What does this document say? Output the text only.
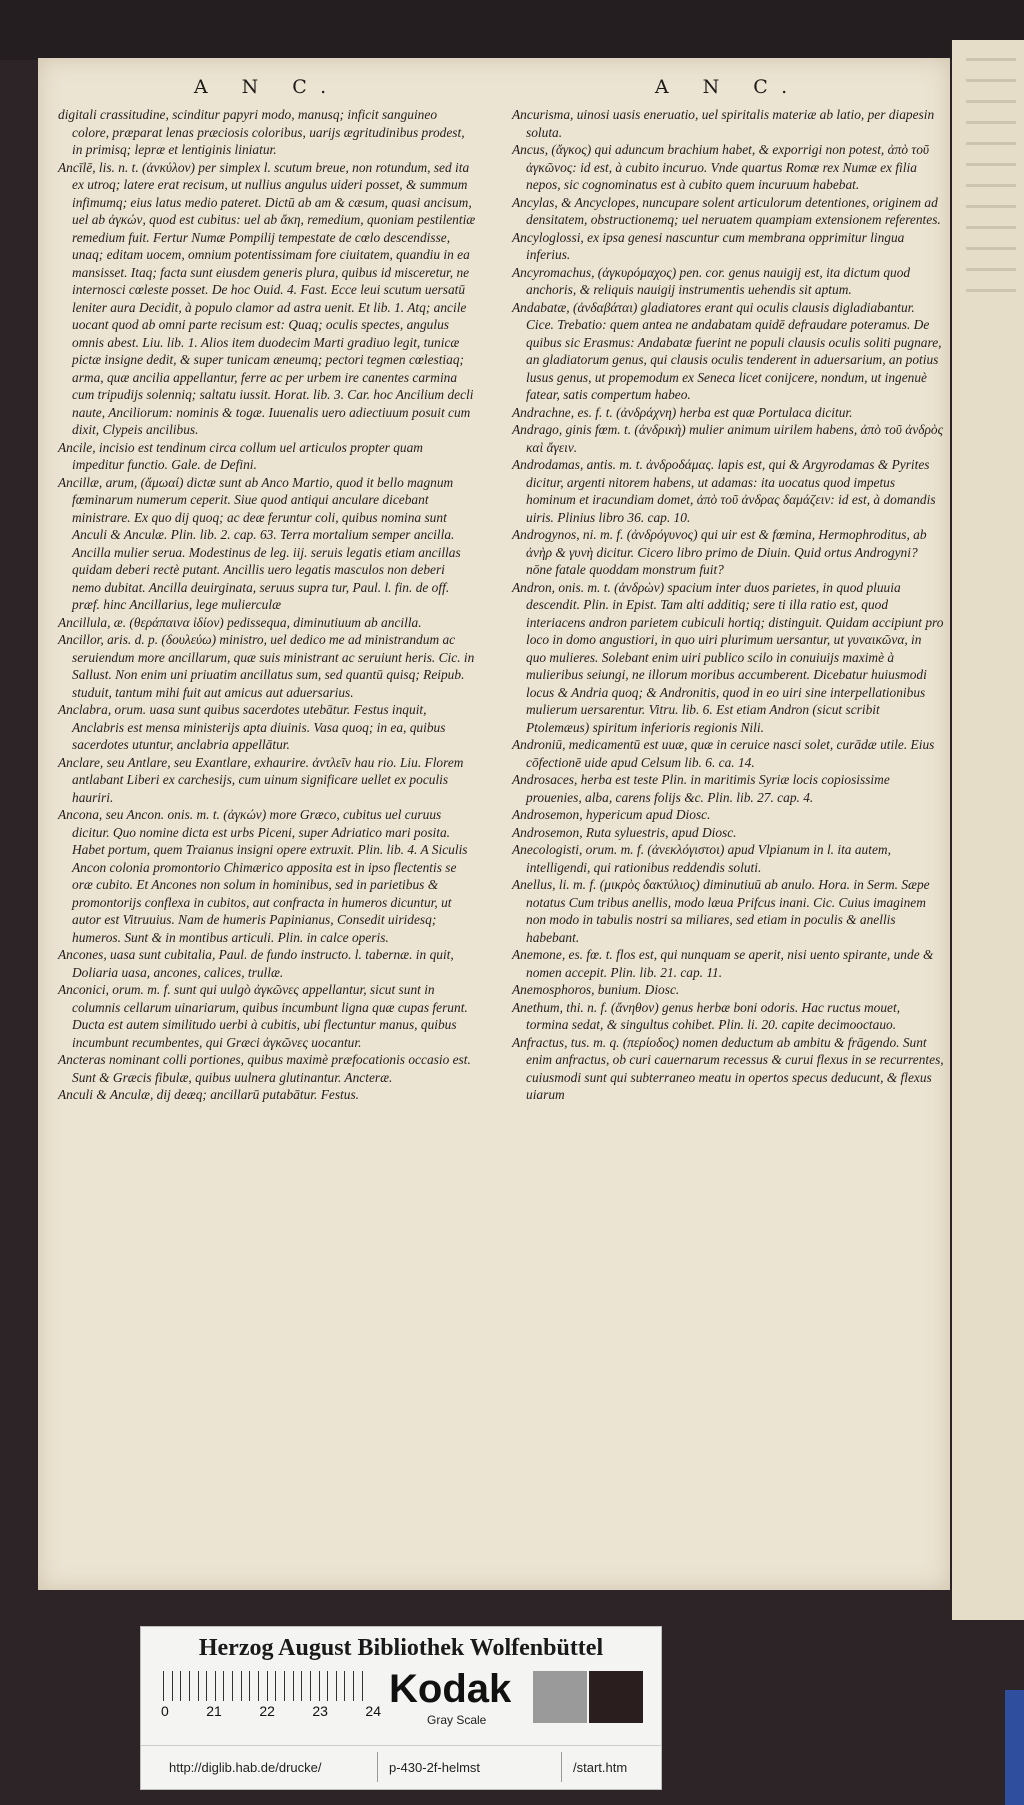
A N C.

digitali crassitudine, scinditur papyri modo, manusq; inficit sanguineo colore, præparat lenas præciosis coloribus, uarijs ægritudinibus prodest, in primisq; lepræ et lentiginis liniatur.

Ancīlē, lis. n. t. (ἀνκύλον) per simplex l. scutum breue, non rotundum, sed ita ex utroq; latere erat recisum, ut nullius angulus uideri posset, & summum infimumq; eius latus medio pateret. Dictū ab am & cæsum, quasi ancisum, uel ab ἀγκών, quod est cubitus: uel ab ἄκη, remedium, quoniam pestilentiæ remedium fuit. Fertur Numæ Pompilij tempestate de cœlo descendisse, unaq; editam uocem, omnium potentissimam fore ciuitatem, quandiu in ea mansisset. Itaq; facta sunt eiusdem generis plura, quibus id misceretur, ne internosci cœleste posset. De hoc Ouid. 4. Fast. Ecce leui scutum uersatū leniter aura Decidit, à populo clamor ad astra uenit. Et lib. 1. Atq; ancile uocant quod ab omni parte recisum est: Quaq; oculis spectes, angulus omnis abest. Liu. lib. 1. Alios item duodecim Marti gradiuo legit, tunicæ pictæ insigne dedit, & super tunicam æneumq; pectori tegmen cœlestiaq; arma, quæ ancilia appellantur, ferre ac per urbem ire canentes carmina cum tripudijs solenniq; saltatu iussit. Horat. lib. 3. Car. hoc Ancilium decli naute, Anciliorum: nominis & togæ. Iuuenalis uero adiectiuum posuit cum dixit, Clypeis ancilibus.

Ancile, incisio est tendinum circa collum uel articulos propter quam impeditur functio. Gale. de Defini.

Ancillæ, arum, (ἄμωαί) dictæ sunt ab Anco Martio, quod it bello magnum fœminarum numerum ceperit. Siue quod antiqui anculare dicebant ministrare. Ex quo dij quoq; ac deæ feruntur coli, quibus nomina sunt Anculi & Anculæ. Plin. lib. 2. cap. 63. Terra mortalium semper ancilla. Ancilla mulier serua. Modestinus de leg. iij. seruis legatis etiam ancillas quidam deberi rectè putant. Ancillis uero legatis masculos non deberi nemo dubitat. Ancilla deuirginata, seruus supra tur, Paul. l. fin. de off. præf. hinc Ancillarius, lege mulierculæ

Ancillula, æ. (θεράπαινα ἰδίον) pedissequa, diminutiuum ab ancilla.

Ancillor, aris. d. p. (δουλεύω) ministro, uel dedico me ad ministrandum ac seruiendum more ancillarum, quæ suis ministrant ac seruiunt heris. Cic. in Sallust. Non enim uni priuatim ancillatus sum, sed quantū quisq; Reipub. studuit, tantum mihi fuit aut amicus aut aduersarius.

Anclabra, orum. uasa sunt quibus sacerdotes utebātur. Festus inquit, Anclabris est mensa ministerijs apta diuinis. Vasa quoq; in ea, quibus sacerdotes utuntur, anclabria appellātur.

Anclare, seu Antlare, seu Exantlare, exhaurire. ἀντλεῖν hau rio. Liu. Florem antlabant Liberi ex carchesijs, cum uinum significare uellet ex poculis hauriri.

Ancona, seu Ancon. onis. m. t. (ἀγκών) more Græco, cubitus uel curuus dicitur. Quo nomine dicta est urbs Piceni, super Adriatico mari posita. Habet portum, quem Traianus insigni opere extruxit. Plin. lib. 4. A Siculis Ancon colonia promontorio Chimærico apposita est in ipso flectentis se oræ cubito. Et Ancones non solum in hominibus, sed in parietibus & promontorijs conflexa in cubitos, aut confracta in humeros dicuntur, ut autor est Vitruuius. Nam de humeris Papinianus, Consedit uiridesq; humeros. Sunt & in montibus articuli. Plin. in calce operis.

Ancones, uasa sunt cubitalia, Paul. de fundo instructo. l. tabernæ. in quit, Doliaria uasa, ancones, calices, trullæ.

Anconici, orum. m. f. sunt qui uulgò ἀγκῶνες appellantur, sicut sunt in columnis cellarum uinariarum, quibus incumbunt ligna quæ cupas ferunt. Ducta est autem similitudo uerbi à cubitis, ubi flectuntur manus, quibus incumbunt recumbentes, qui Græci ἀγκῶνες uocantur.

Ancteras nominant colli portiones, quibus maximè præfocationis occasio est. Sunt & Græcis fibulæ, quibus uulnera glutinantur. Ancteræ.

Anculi & Anculæ, dij deæq; ancillarū putabātur. Festus.

A N C.

Ancurisma, uinosi uasis eneruatio, uel spiritalis materiæ ab latio, per diapesin soluta.

Ancus, (ἄγκος) qui aduncum brachium habet, & exporrigi non potest, ἀπὸ τοῦ ἀγκῶνος: id est, à cubito incuruo. Vnde quartus Romæ rex Numæ ex filia nepos, sic cognominatus est à cubito quem incuruum habebat.

Ancylas, & Ancyclopes, nuncupare solent articulorum detentiones, originem ad densitatem, obstructionemq; uel neruatem quampiam extensionem referentes.

Ancyloglossi, ex ipsa genesi nascuntur cum membrana opprimitur lingua inferius.

Ancyromachus, (ἀγκυρόμαχος) pen. cor. genus nauigij est, ita dictum quod anchoris, & reliquis nauigij instrumentis uehendis sit aptum.

Andabatæ, (ἀνδαβάται) gladiatores erant qui oculis clausis digladiabantur. Cice. Trebatio: quem antea ne andabatam quidē defraudare poteramus. De quibus sic Erasmus: Andabatæ fuerint ne populi clausis oculis soliti pugnare, an gladiatorum genus, qui clausis oculis tenderent in aduersarium, an potius lusus genus, ut propemodum ex Seneca licet conijcere, nondum, ut ingenuè fatear, satis compertum habeo.

Andrachne, es. f. t. (ἀνδράχνη) herba est quæ Portulaca dicitur.

Andrago, ginis fœm. t. (ἀνδρικὴ) mulier animum uirilem habens, ἀπὸ τοῦ ἀνδρὸς καὶ ἄγειν.

Androdamas, antis. m. t. ἀνδροδάμας. lapis est, qui & Argyrodamas & Pyrites dicitur, argenti nitorem habens, ut adamas: ita uocatus quod impetus hominum et iracundiam domet, ἀπὸ τοῦ ἀνδρας δαμάζειν: id est, à domandis uiris. Plinius libro 36. cap. 10.

Androgynos, ni. m. f. (ἀνδρόγυνος) qui uir est & fœmina, Hermophroditus, ab ἀνὴρ & γυνὴ dicitur. Cicero libro primo de Diuin. Quid ortus Androgyni? nōne fatale quoddam monstrum fuit?

Andron, onis. m. t. (ἀνδρὼν) spacium inter duos parietes, in quod pluuia descendit. Plin. in Epist. Tam alti additiq; sere ti illa ratio est, quod interiacens andron parietem cubiculi hortiq; distinguit. Quidam accipiunt pro loco in domo angustiori, in quo uiri plurimum uersantur, ut γυναικῶνα, in quo mulieres. Solebant enim uiri publico scilo in conuiuijs maximè à mulieribus seiungi, ne illorum moribus accumberent. Dicebatur huiusmodi locus & Andria quoq; & Andronitis, quod in eo uiri sine interpellationibus mulierum uersarentur. Vitru. lib. 6. Est etiam Andron (sicut scribit Ptolemæus) spiritum inferioris regionis Nili.

Androniū, medicamentū est uuæ, quæ in ceruice nasci solet, curādæ utile. Eius cōfectionē uide apud Celsum lib. 6. ca. 14.

Androsaces, herba est teste Plin. in maritimis Syriæ locis copiosissime prouenies, alba, carens folijs &c. Plin. lib. 27. cap. 4.

Androsemon, hypericum apud Diosc.

Androsemon, Ruta syluestris, apud Diosc.

Anecologisti, orum. m. f. (ἀνεκλόγιστοι) apud Vlpianum in l. ita autem, intelligendi, qui rationibus reddendis soluti.

Anellus, li. m. f. (μικρὸς δακτύλιος) diminutiuū ab anulo. Hora. in Serm. Sæpe notatus Cum tribus anellis, modo læua Prifcus inani. Cic. Cuius imaginem non modo in tabulis nostri sa miliares, sed etiam in poculis & anellis habebant.

Anemone, es. fœ. t. flos est, qui nunquam se aperit, nisi uento spirante, unde & nomen accepit. Plin. lib. 21. cap. 11.

Anemosphoros, bunium. Diosc.

Anethum, thi. n. f. (ἄνηθον) genus herbæ boni odoris. Hac ructus mouet, tormina sedat, & singultus cohibet. Plin. li. 20. capite decimooctauo.

Anfractus, tus. m. q. (περίοδος) nomen deductum ab ambitu & frāgendo. Sunt enim anfractus, ob curi cauernarum recessus & curui flexus in se recurrentes, cuiusmodi sunt qui subterraneo meatu in opertos specus deducunt, & flexus uiarum

Herzog August Bibliothek Wolfenbüttel
0	21	22	23	24 Kodak
Gray Scale
http://diglib.hab.de/drucke/	p-430-2f-helmst	/start.htm
